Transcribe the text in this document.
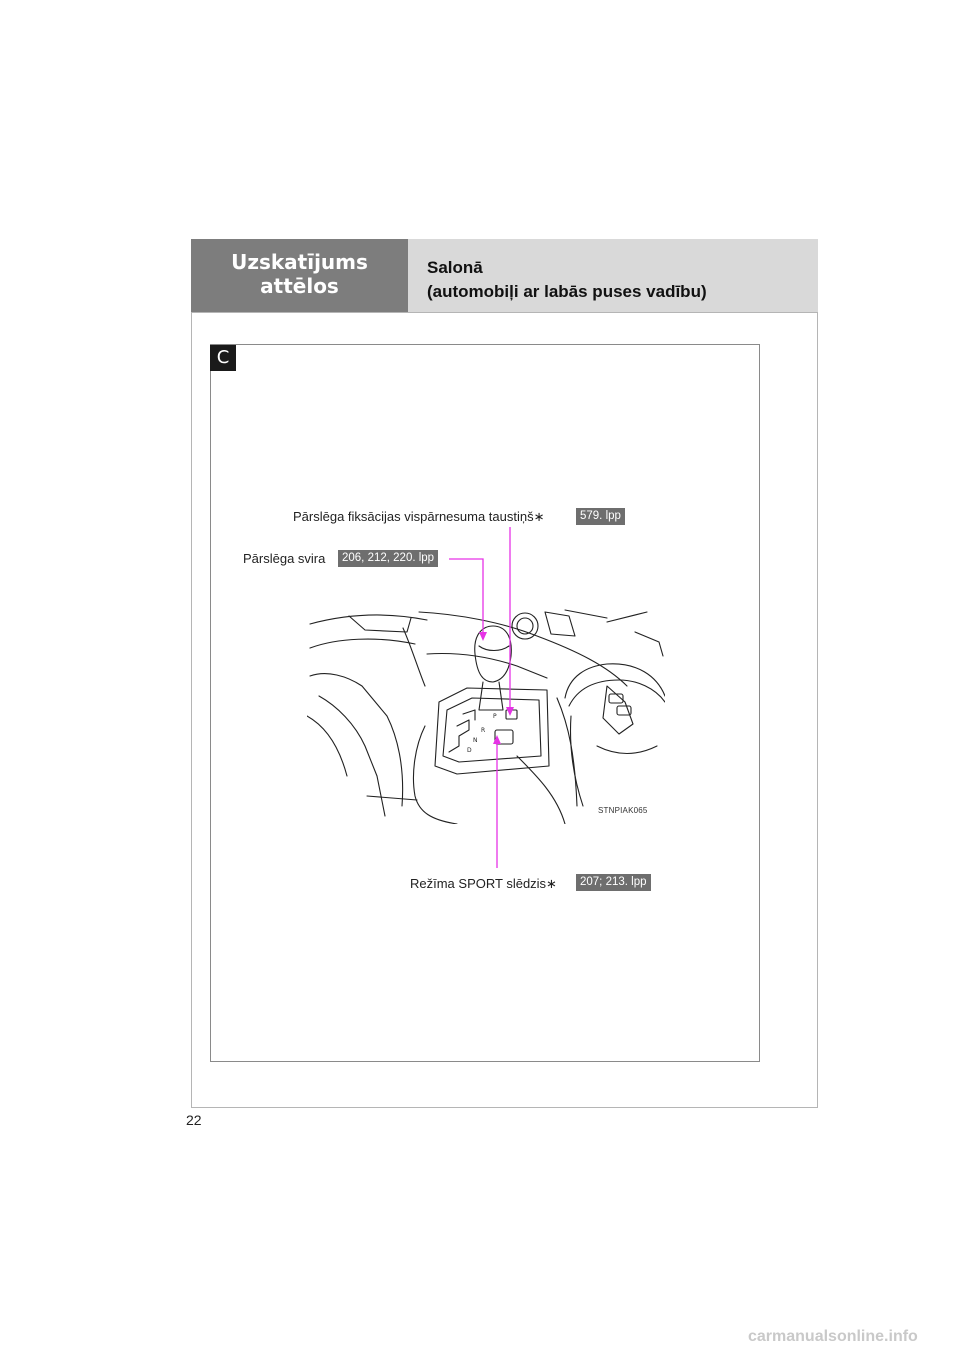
Uzskatījums
attēlos
Salonā
(automobiļi ar labās puses vadību)
C
Pārslēga fiksācijas vispārnesuma taustiņš∗	579. lpp
Pārslēga svira	206, 212, 220. lpp
Režīma SPORT slēdzis∗	207; 213. lpp
P
R
N
D
STNPIAK065
22
carmanualsonline.info
